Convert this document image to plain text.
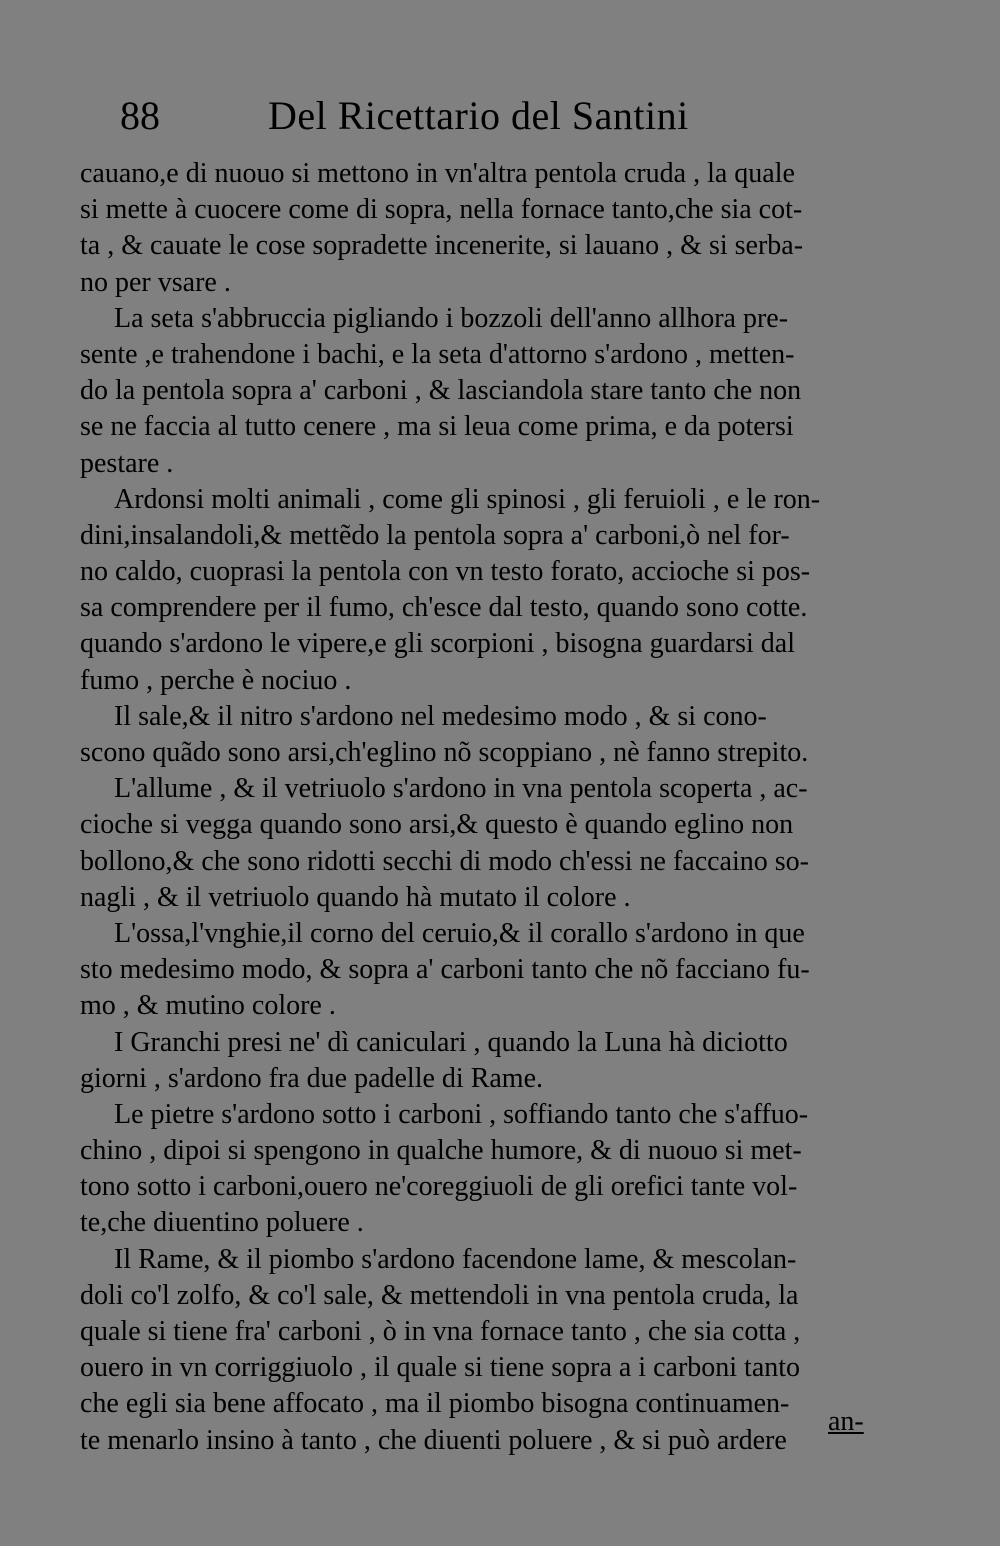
88	Del Ricettario del Santini
cauano,e di nuouo si mettono in vn'altra pentola cruda , la quale
si mette à cuocere come di sopra, nella fornace tanto,che sia cot-
ta , & cauate le cose sopradette incenerite, si lauano , & si serba-
no per vsare .
La seta s'abbruccia pigliando i bozzoli dell'anno allhora pre-
sente ,e trahendone i bachi, e la seta d'attorno s'ardono , metten-
do la pentola sopra a' carboni , & lasciandola stare tanto che non
se ne faccia al tutto cenere , ma si leua come prima, e da potersi
pestare .
Ardonsi molti animali , come gli spinosi , gli feruioli , e le ron-
dini,insalandoli,& mettẽdo la pentola sopra a' carboni,ò nel for-
no caldo, cuoprasi la pentola con vn testo forato, accioche si pos-
sa comprendere per il fumo, ch'esce dal testo, quando sono cotte.
quando s'ardono le vipere,e gli scorpioni , bisogna guardarsi dal
fumo , perche è nociuo .
Il sale,& il nitro s'ardono nel medesimo modo , & si cono-
scono quãdo sono arsi,ch'eglino nõ scoppiano , nè fanno strepito.
L'allume , & il vetriuolo s'ardono in vna pentola scoperta , ac-
cioche si vegga quando sono arsi,& questo è quando eglino non
bollono,& che sono ridotti secchi di modo ch'essi ne faccaino so-
nagli , & il vetriuolo quando hà mutato il colore .
L'ossa,l'vnghie,il corno del ceruio,& il corallo s'ardono in que
sto medesimo modo, & sopra a' carboni tanto che nõ facciano fu-
mo , & mutino colore .
I Granchi presi ne' dì caniculari , quando la Luna hà diciotto
giorni , s'ardono fra due padelle di Rame.
Le pietre s'ardono sotto i carboni , soffiando tanto che s'affuo-
chino , dipoi si spengono in qualche humore, & di nuouo si met-
tono sotto i carboni,ouero ne'coreggiuoli de gli orefici tante vol-
te,che diuentino poluere .
Il Rame, & il piombo s'ardono facendone lame, & mescolan-
doli co'l zolfo, & co'l sale, & mettendoli in vna pentola cruda, la
quale si tiene fra' carboni , ò in vna fornace tanto , che sia cotta ,
ouero in vn corriggiuolo , il quale si tiene sopra a i carboni tanto
che egli sia bene affocato , ma il piombo bisogna continuamen-
te menarlo insino à tanto , che diuenti poluere , & si può ardere
an-
